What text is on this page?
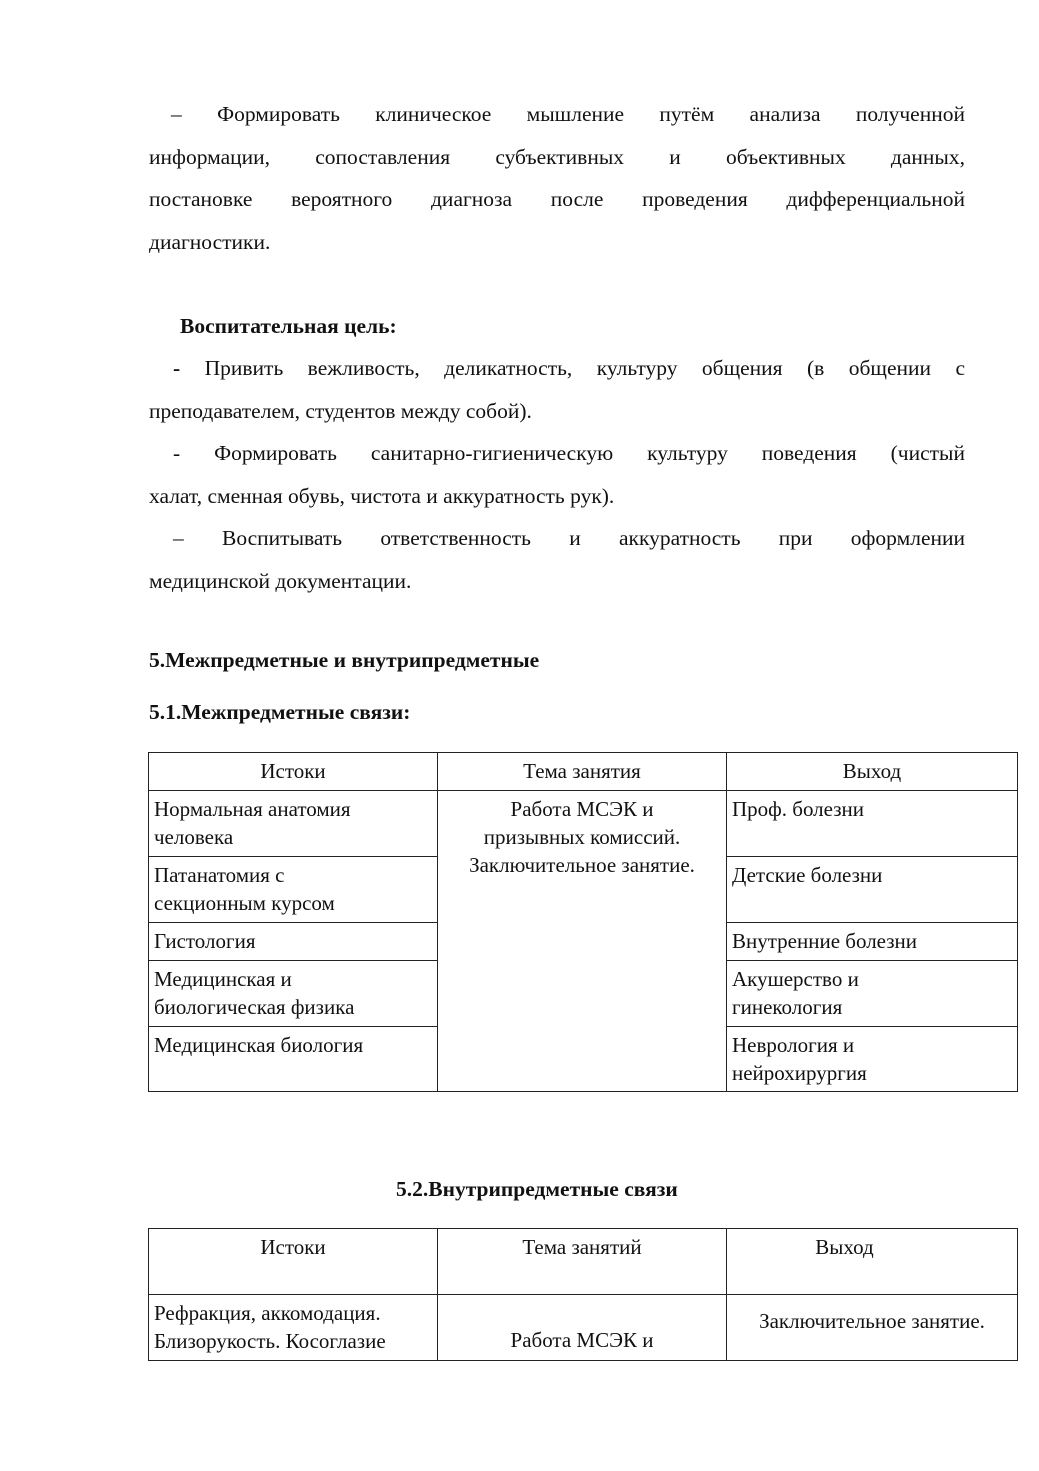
– Формировать клиническое мышление путём анализа полученной
информации, сопоставления субъективных и объективных данных,
постановке вероятного диагноза после проведения дифференциальной
диагностики.
Воспитательная цель:
- Привить вежливость, деликатность, культуру общения (в общении с
преподавателем, студентов между собой).
- Формировать санитарно-гигиеническую культуру поведения (чистый
халат, сменная обувь, чистота и аккуратность рук).
– Воспитывать ответственность и аккуратность при оформлении
медицинской документации.
5.Межпредметные и внутрипредметные
5.1.Межпредметные связи:
Истоки	Тема занятия	Выход
Нормальная анатомия
человека	Работа МСЭК и
призывных комиссий.
Заключительное занятие.	Проф. болезни
Патанатомия с
секционным курсом		Детские болезни
Гистология		Внутренние болезни
Медицинская и
биологическая физика		Акушерство и
гинекология
Медицинская биология		Неврология и
нейрохирургия
5.2.Внутрипредметные связи
Истоки	Тема занятий	Выход
Рефракция, аккомодация.
Близорукость. Косоглазие	Работа МСЭК и	Заключительное занятие.
